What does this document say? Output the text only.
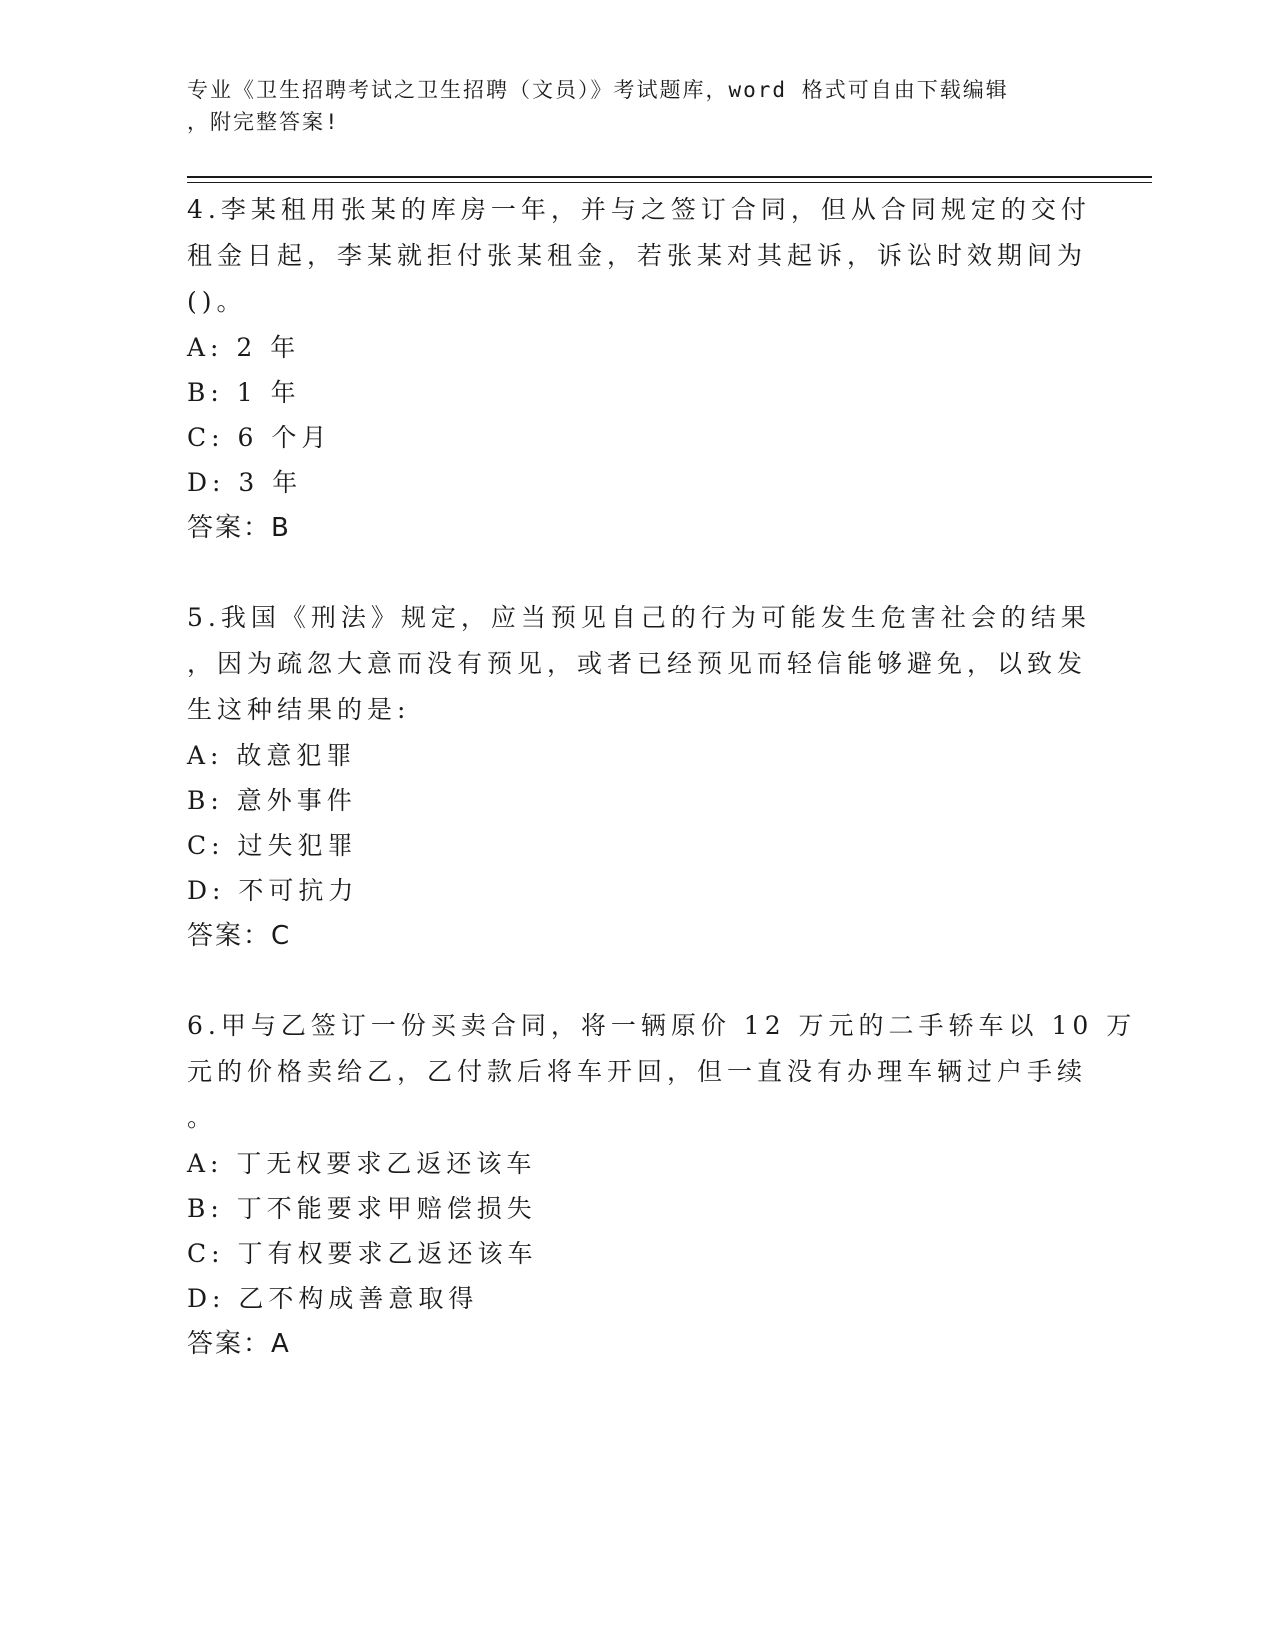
专业《卫生招聘考试之卫生招聘（文员）》考试题库，word 格式可自由下载编辑
，附完整答案!
4.李某租用张某的库房一年，并与之签订合同，但从合同规定的交付
租金日起，李某就拒付张某租金，若张某对其起诉，诉讼时效期间为
()。
A: 2 年
B: 1 年
C: 6 个月
D: 3 年
答案：B
5.我国《刑法》规定，应当预见自己的行为可能发生危害社会的结果
，因为疏忽大意而没有预见，或者已经预见而轻信能够避免，以致发
生这种结果的是:
A: 故意犯罪
B: 意外事件
C: 过失犯罪
D: 不可抗力
答案：C
6.甲与乙签订一份买卖合同，将一辆原价 12 万元的二手轿车以 10 万
元的价格卖给乙，乙付款后将车开回，但一直没有办理车辆过户手续
。
A: 丁无权要求乙返还该车
B: 丁不能要求甲赔偿损失
C: 丁有权要求乙返还该车
D: 乙不构成善意取得
答案：A
